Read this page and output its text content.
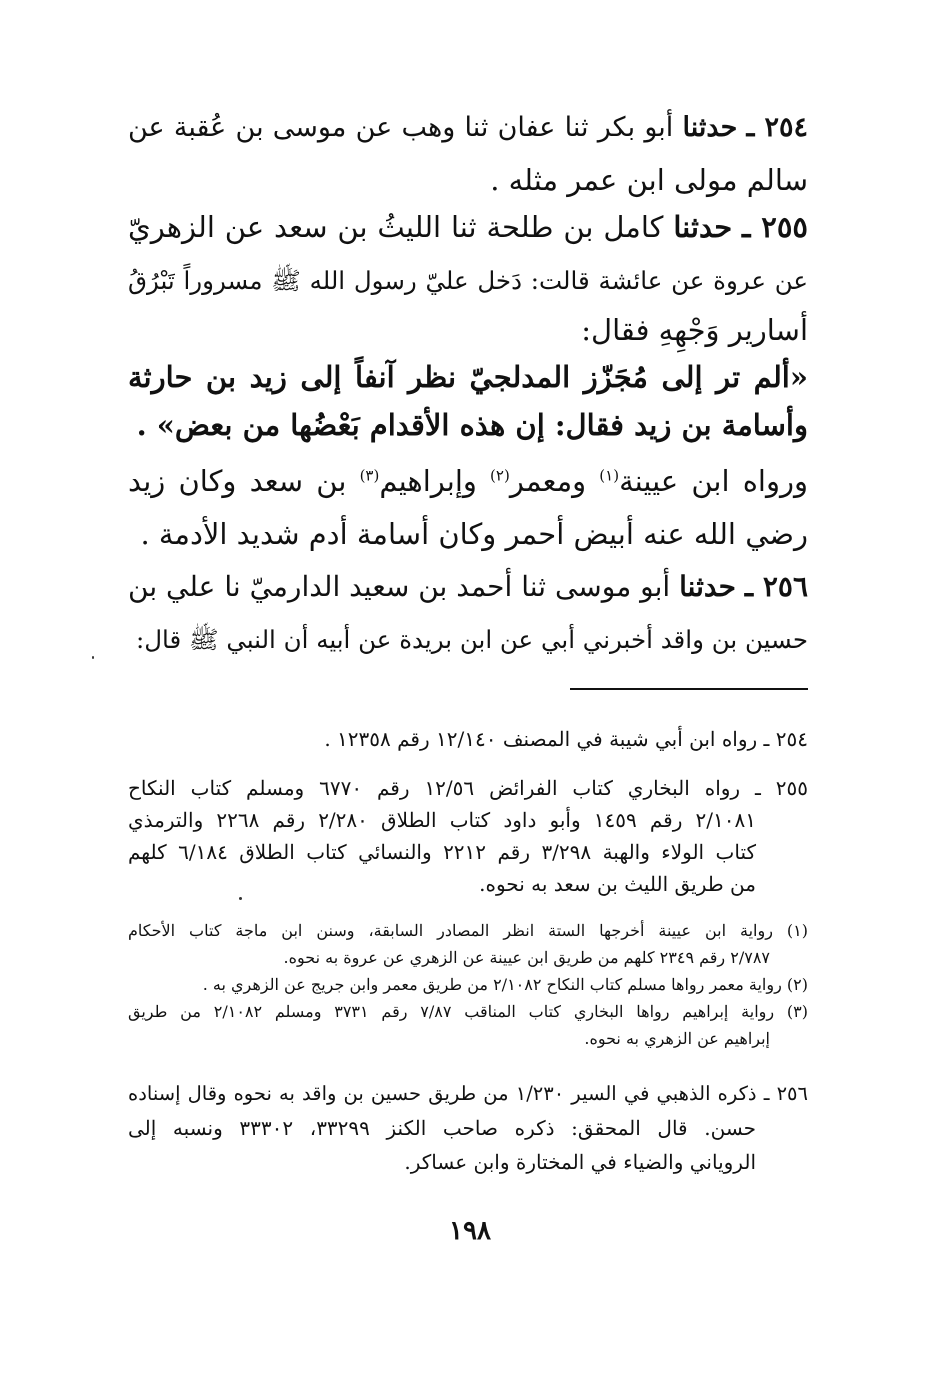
٢٥٤ ـ حدثنا أبو بكر ثنا عفان ثنا وهب عن موسى بن عُقبة عن
سالم مولى ابن عمر مثله .
٢٥٥ ـ حدثنا كامل بن طلحة ثنا الليثُ بن سعد عن الزهريّ
عن عروة عن عائشة قالت: دَخل عليّ رسول الله ﷺ مسروراً تَبْرُقُ
أسارير وَجْهِهِ فقال:
«ألم تر إلى مُجَزّز المدلجيّ نظر آنفاً إلى زيد بن حارثة
وأسامة بن زيد فقال: إن هذه الأقدام بَعْضُها من بعض» .
ورواه ابن عيينة$^{(١)}$ ومعمر$^{(٢)}$ وإبراهيم$^{(٣)}$ بن سعد وكان زيد
رضي الله عنه أبيض أحمر وكان أسامة أدم شديد الأدمة .
٢٥٦ ـ حدثنا أبو موسى ثنا أحمد بن سعيد الدارميّ نا علي بن
حسين بن واقد أخبرني أبي عن ابن بريدة عن أبيه أن النبي ﷺ قال:
٢٥٤ ـ رواه ابن أبي شيبة في المصنف ١٢/١٤٠ رقم ١٢٣٥٨ .
٢٥٥ ـ رواه البخاري كتاب الفرائض ١٢/٥٦ رقم ٦٧٧٠ ومسلم كتاب النكاح
٢/١٠٨١ رقم ١٤٥٩ وأبو داود كتاب الطلاق ٢/٢٨٠ رقم ٢٢٦٨ والترمذي
كتاب الولاء والهبة ٣/٢٩٨ رقم ٢٢١٢ والنسائي كتاب الطلاق ٦/١٨٤ كلهم
من طريق الليث بن سعد به نحوه.
(١) رواية ابن عيينة أخرجها الستة انظر المصادر السابقة، وسنن ابن ماجة كتاب الأحكام
٢/٧٨٧ رقم ٢٣٤٩ كلهم من طريق ابن عيينة عن الزهري عن عروة به نحوه.
(٢) رواية معمر رواها مسلم كتاب النكاح ٢/١٠٨٢ من طريق معمر وابن جريج عن الزهري به .
(٣) رواية إبراهيم رواها البخاري كتاب المناقب ٧/٨٧ رقم ٣٧٣١ ومسلم ٢/١٠٨٢ من طريق
إبراهيم عن الزهري به نحوه.
٢٥٦ ـ ذكره الذهبي في السير ١/٢٣٠ من طريق حسين بن واقد به نحوه وقال إسناده
حسن. قال المحقق: ذكره صاحب الكنز ٣٣٢٩٩، ٣٣٣٠٢ ونسبه إلى
الروياني والضياء في المختارة وابن عساكر.
١٩٨
